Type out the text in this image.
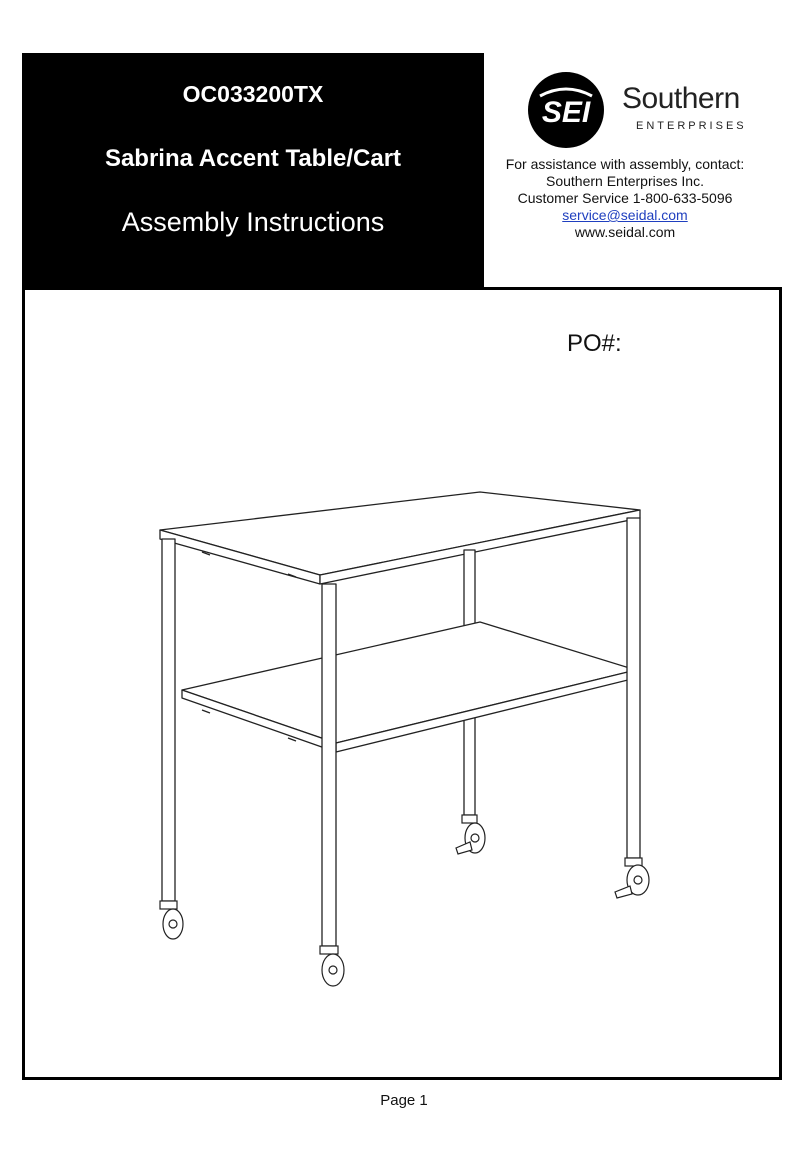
OC033200TX
Sabrina Accent Table/Cart
Assembly Instructions
SEI Southern
ENTERPRISES
For assistance with assembly, contact:
Southern Enterprises Inc.
Customer Service 1-800-633-5096
service@seidal.com
www.seidal.com
PO#:
Page 1
